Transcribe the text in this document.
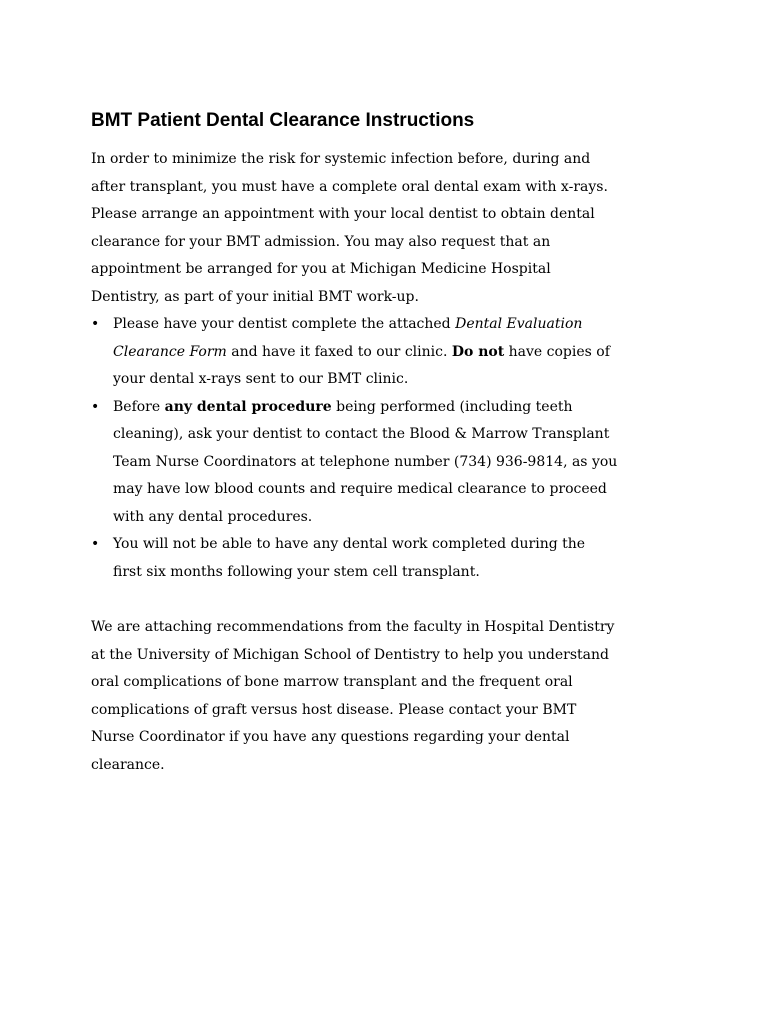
BMT Patient Dental Clearance Instructions

In order to minimize the risk for systemic infection before, during and
after transplant, you must have a complete oral dental exam with x-rays.
Please arrange an appointment with your local dentist to obtain dental
clearance for your BMT admission. You may also request that an
appointment be arranged for you at Michigan Medicine Hospital
Dentistry, as part of your initial BMT work-up.

• Please have your dentist complete the attached Dental Evaluation
Clearance Form and have it faxed to our clinic. Do not have copies of
your dental x-rays sent to our BMT clinic.
• Before any dental procedure being performed (including teeth
cleaning), ask your dentist to contact the Blood & Marrow Transplant
Team Nurse Coordinators at telephone number (734) 936-9814, as you
may have low blood counts and require medical clearance to proceed
with any dental procedures.
• You will not be able to have any dental work completed during the
first six months following your stem cell transplant.

We are attaching recommendations from the faculty in Hospital Dentistry
at the University of Michigan School of Dentistry to help you understand
oral complications of bone marrow transplant and the frequent oral
complications of graft versus host disease. Please contact your BMT
Nurse Coordinator if you have any questions regarding your dental
clearance.
